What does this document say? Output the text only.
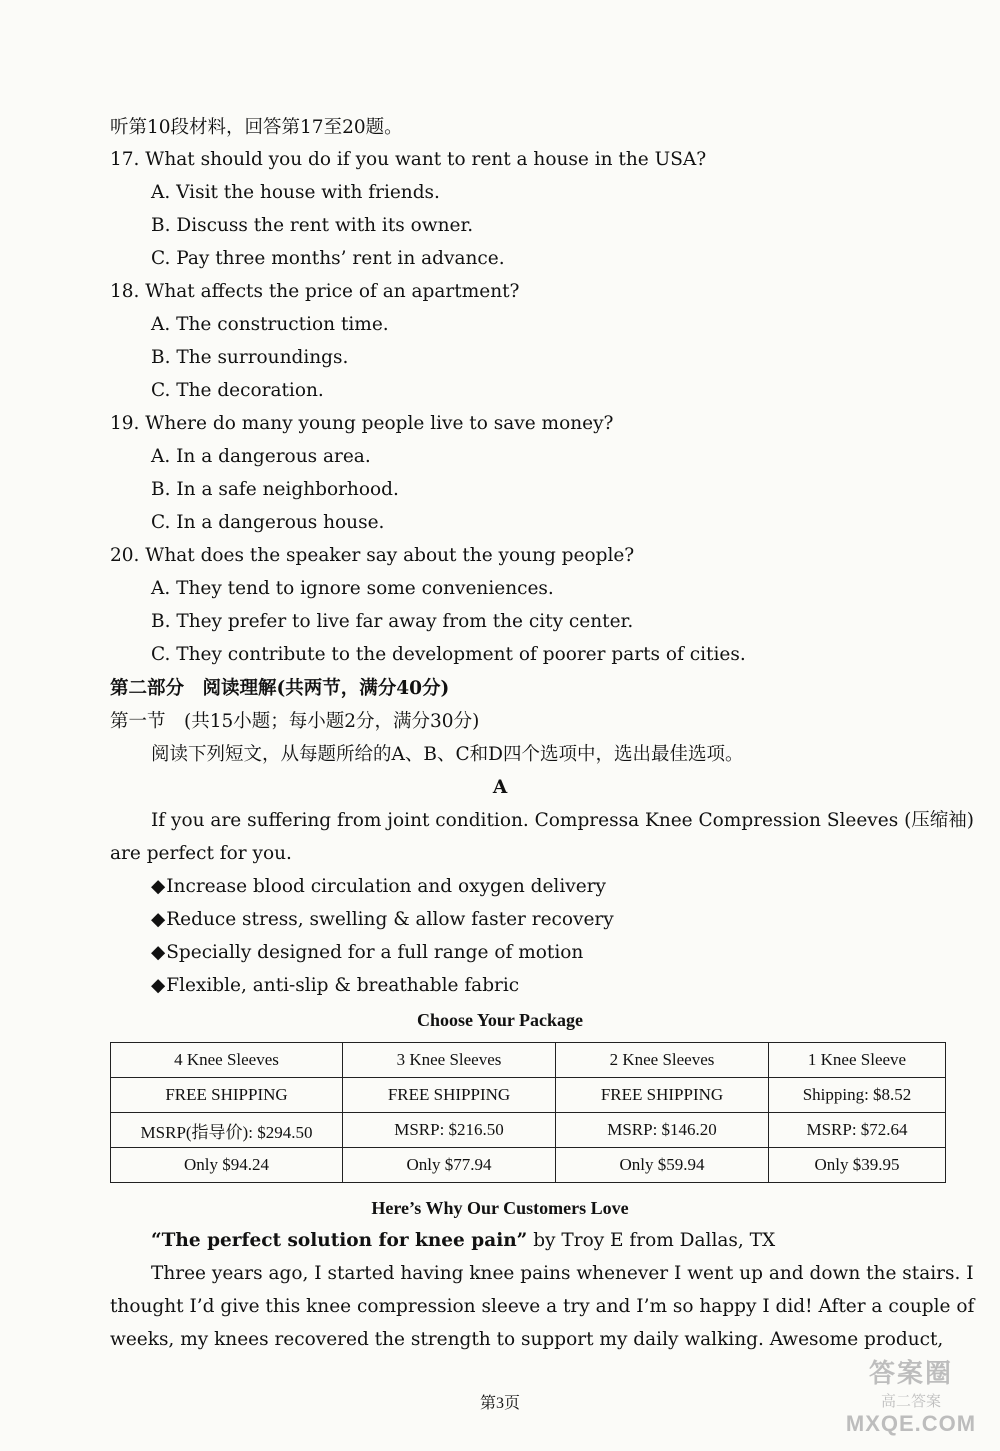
听第10段材料，回答第17至20题。
17. What should you do if you want to rent a house in the USA?
A. Visit the house with friends.
B. Discuss the rent with its owner.
C. Pay three months’ rent in advance.
18. What affects the price of an apartment?
A. The construction time.
B. The surroundings.
C. The decoration.
19. Where do many young people live to save money?
A. In a dangerous area.
B. In a safe neighborhood.
C. In a dangerous house.
20. What does the speaker say about the young people?
A. They tend to ignore some conveniences.
B. They prefer to live far away from the city center.
C. They contribute to the development of poorer parts of cities.
第二部分　阅读理解(共两节，满分40分)
第一节　(共15小题；每小题2分，满分30分)
阅读下列短文，从每题所给的A、B、C和D四个选项中，选出最佳选项。
A
If you are suffering from joint condition. Compressa Knee Compression Sleeves (压缩袖)
are perfect for you.
◆Increase blood circulation and oxygen delivery
◆Reduce stress, swelling & allow faster recovery
◆Specially designed for a full range of motion
◆Flexible, anti-slip & breathable fabric
Choose Your Package
4 Knee Sleeves	3 Knee Sleeves	2 Knee Sleeves	1 Knee Sleeve
FREE SHIPPING	FREE SHIPPING	FREE SHIPPING	Shipping: $8.52
MSRP(指导价): $294.50	MSRP: $216.50	MSRP: $146.20	MSRP: $72.64
Only $94.24	Only $77.94	Only $59.94	Only $39.95
Here’s Why Our Customers Love
“The perfect solution for knee pain” by Troy E from Dallas, TX
Three years ago, I started having knee pains whenever I went up and down the stairs. I
thought I’d give this knee compression sleeve a try and I’m so happy I did! After a couple of
weeks, my knees recovered the strength to support my daily walking. Awesome product,
第3页
答案圈
高二答案
MXQE.COM
